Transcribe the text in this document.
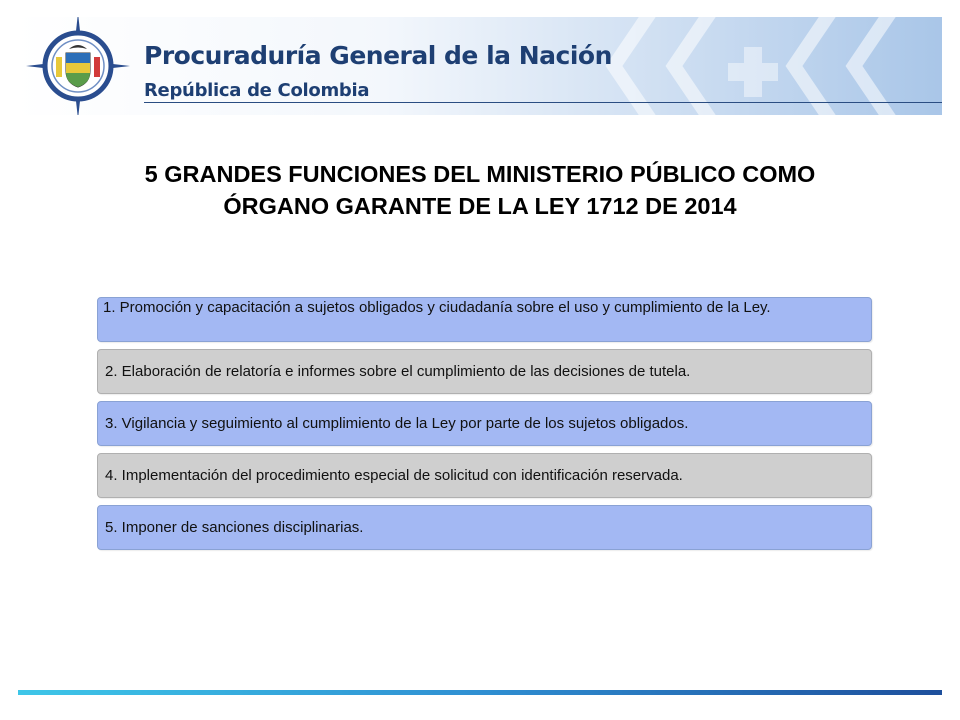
Procuraduría General de la Nación
República de Colombia
5 GRANDES FUNCIONES DEL MINISTERIO PÚBLICO COMO
ÓRGANO GARANTE DE LA LEY 1712 DE 2014
1. Promoción y capacitación a sujetos obligados y ciudadanía sobre el uso y cumplimiento de la Ley.
2. Elaboración de relatoría e informes sobre el cumplimiento de las decisiones de tutela.
3. Vigilancia y seguimiento al cumplimiento de la Ley por parte de los sujetos obligados.
4. Implementación del procedimiento especial de solicitud con identificación reservada.
5. Imponer de sanciones disciplinarias.
